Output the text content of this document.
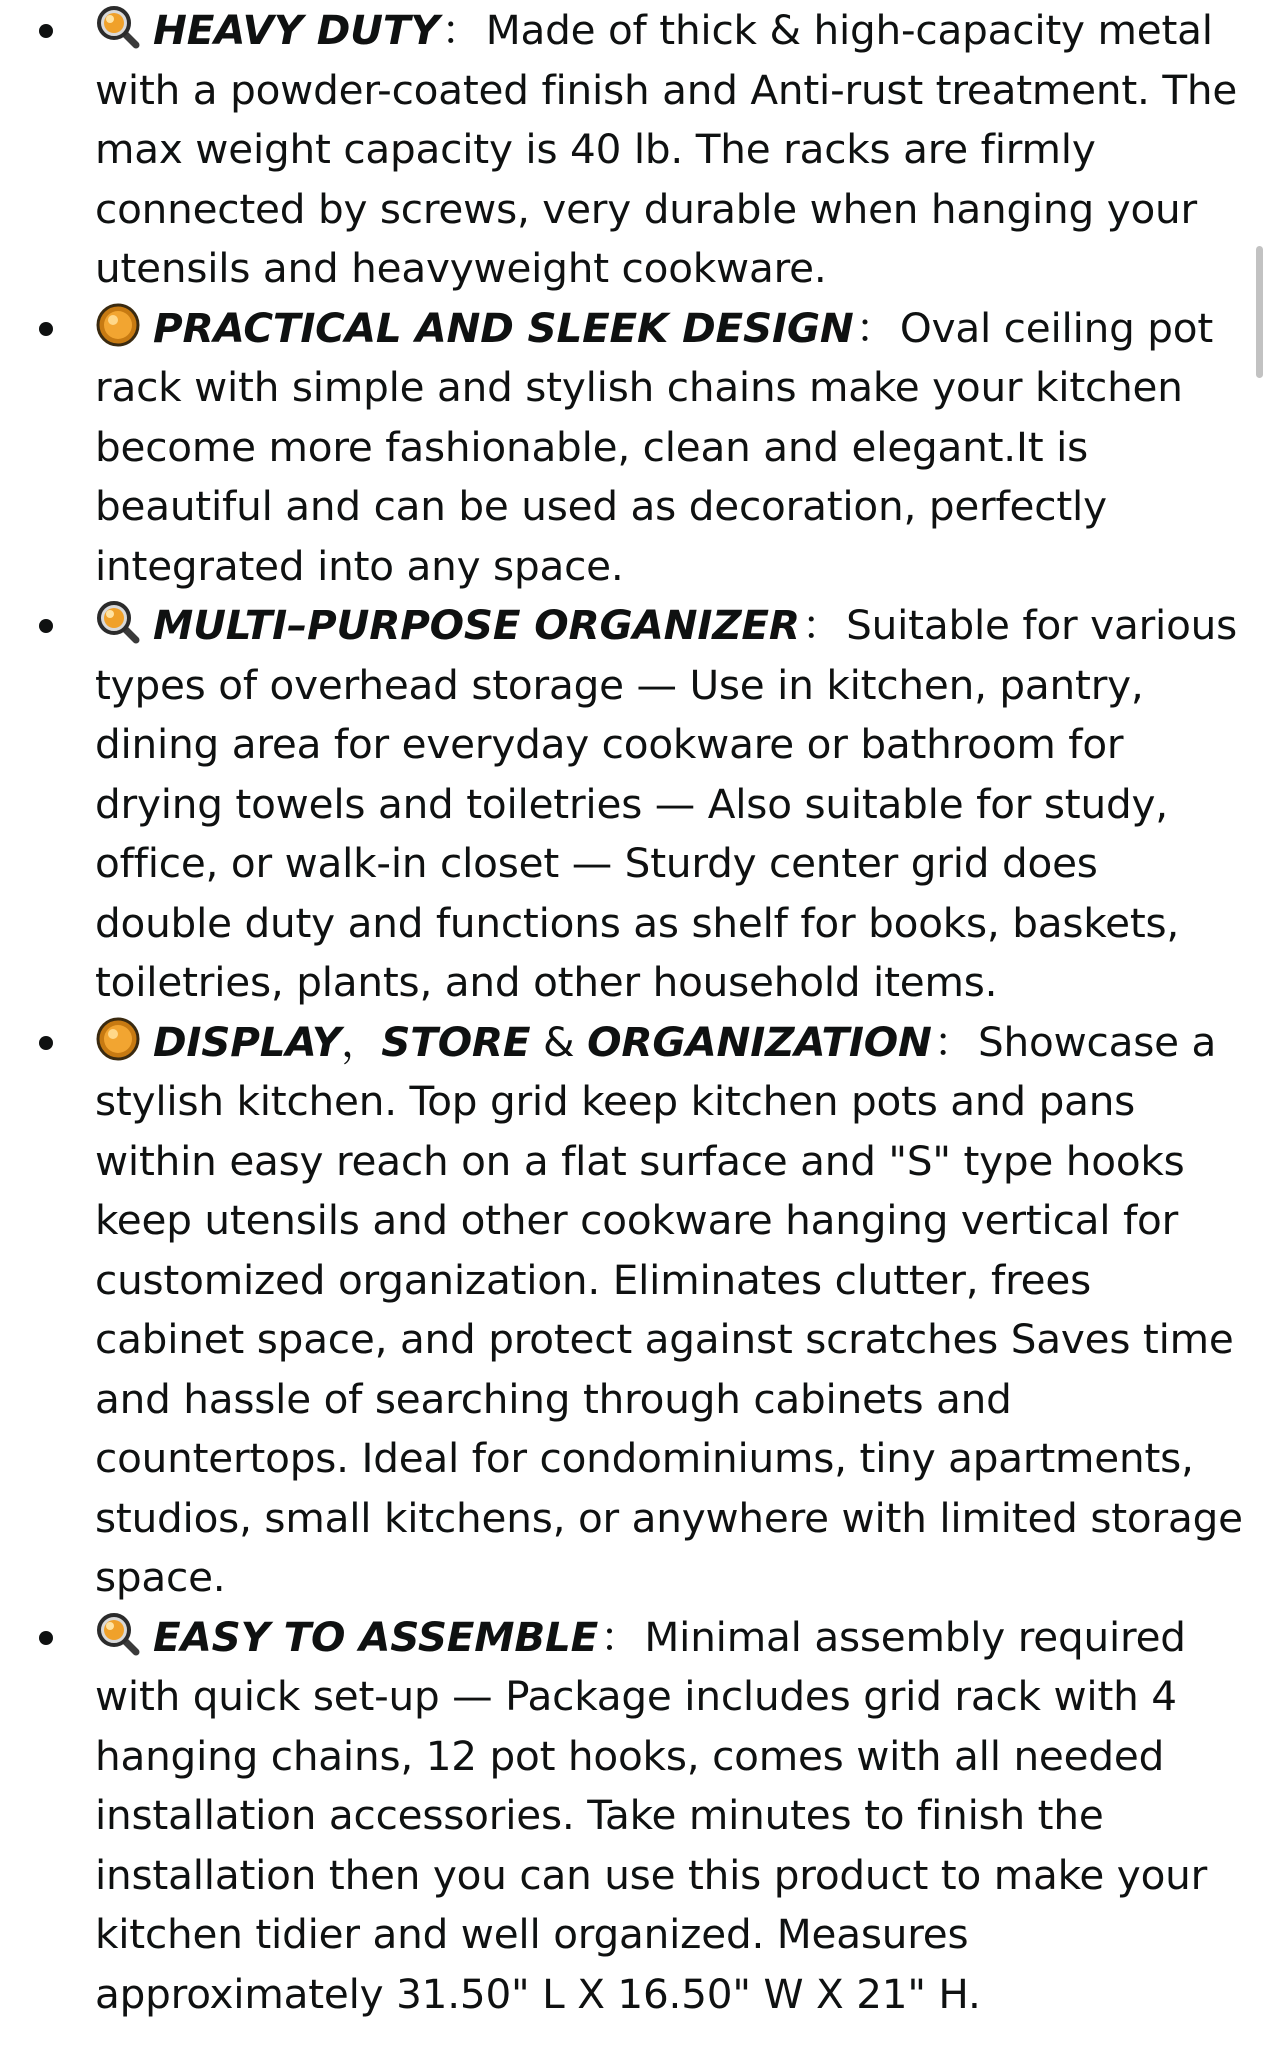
HEAVY DUTY：Made of thick & high-capacity metal with a powder-coated finish and Anti-rust treatment. The max weight capacity is 40 lb. The racks are firmly connected by screws, very durable when hanging your utensils and heavyweight cookware.
PRACTICAL AND SLEEK DESIGN：Oval ceiling pot rack with simple and stylish chains make your kitchen become more fashionable, clean and elegant.It is beautiful and can be used as decoration, perfectly integrated into any space.
MULTI–PURPOSE ORGANIZER：Suitable for various types of overhead storage — Use in kitchen, pantry, dining area for everyday cookware or bathroom for drying towels and toiletries — Also suitable for study, office, or walk-in closet — Sturdy center grid does double duty and functions as shelf for books, baskets, toiletries, plants, and other household items.
DISPLAY，STORE & ORGANIZATION：Showcase a stylish kitchen. Top grid keep kitchen pots and pans within easy reach on a flat surface and "S" type hooks keep utensils and other cookware hanging vertical for customized organization. Eliminates clutter, frees cabinet space, and protect against scratches Saves time and hassle of searching through cabinets and countertops. Ideal for condominiums, tiny apartments, studios, small kitchens, or anywhere with limited storage space.
EASY TO ASSEMBLE：Minimal assembly required with quick set-up — Package includes grid rack with 4 hanging chains, 12 pot hooks, comes with all needed installation accessories. Take minutes to finish the installation then you can use this product to make your kitchen tidier and well organized. Measures approximately 31.50" L X 16.50" W X 21" H.
